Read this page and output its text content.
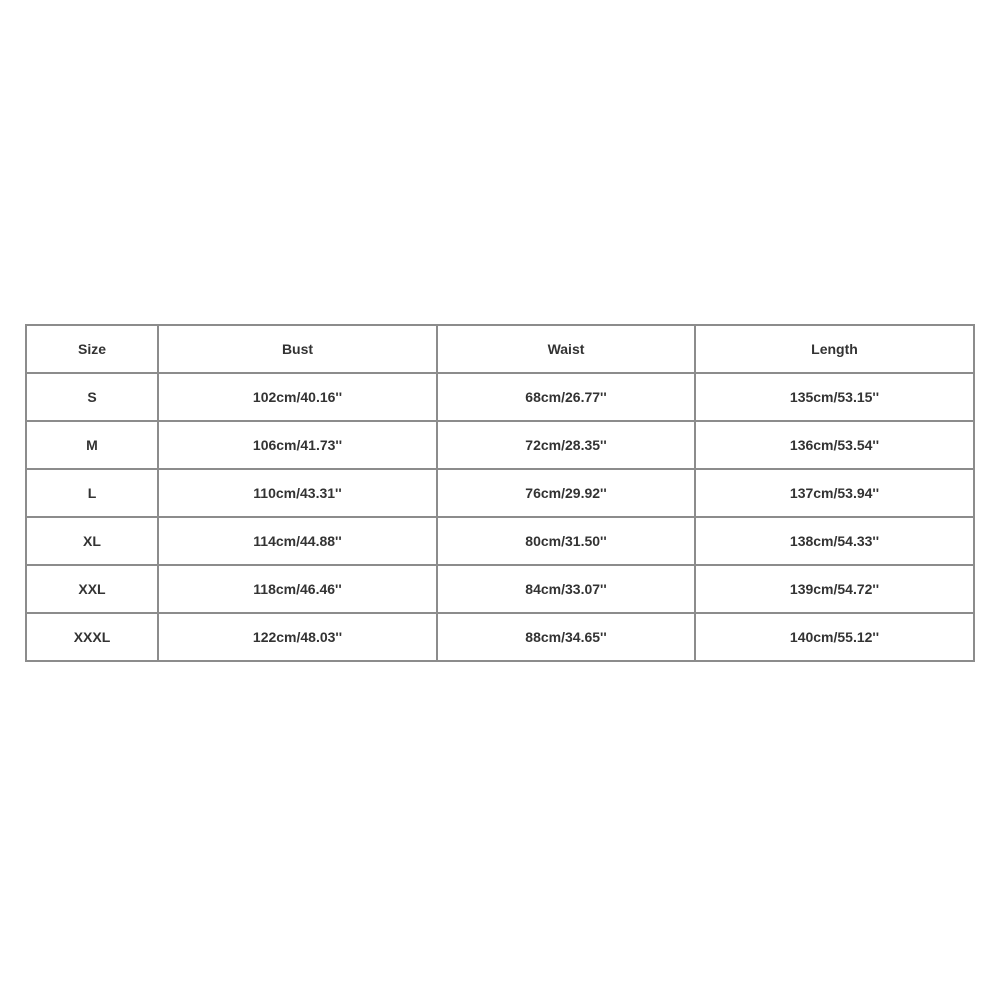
Size	Bust	Waist	Length
S	102cm/40.16''	68cm/26.77''	135cm/53.15''
M	106cm/41.73''	72cm/28.35''	136cm/53.54''
L	110cm/43.31''	76cm/29.92''	137cm/53.94''
XL	114cm/44.88''	80cm/31.50''	138cm/54.33''
XXL	118cm/46.46''	84cm/33.07''	139cm/54.72''
XXXL	122cm/48.03''	88cm/34.65''	140cm/55.12''
